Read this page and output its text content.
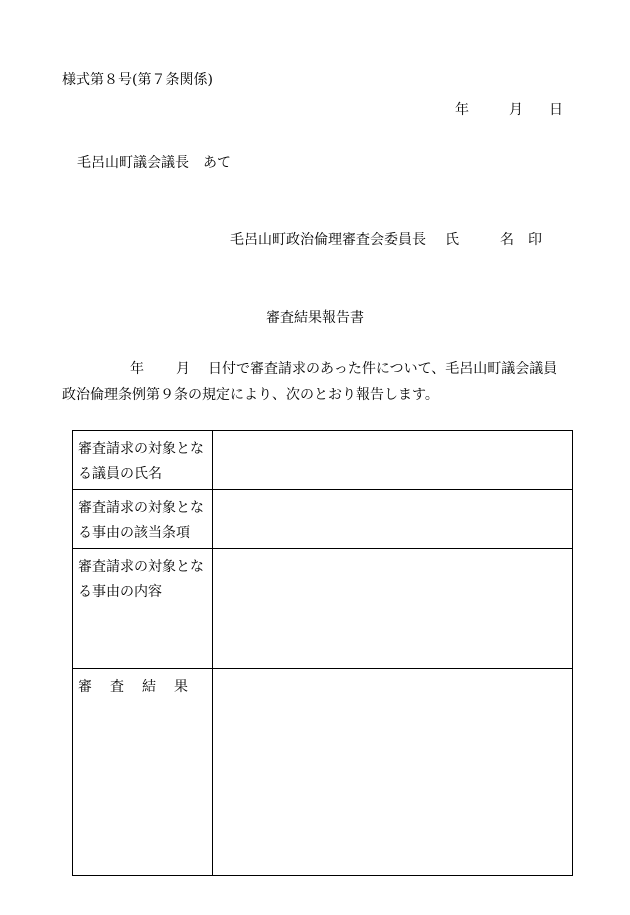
様式第８号(第７条関係)
年	月 日
毛呂山町議会議長　あて
毛呂山町政治倫理審査会委員長 氏	名 印
審査結果報告書
年 月 日付で審査請求のあった件について、毛呂山町議会議員
政治倫理条例第９条の規定により、次のとおり報告します。
審査請求の対象となる議員の氏名	

審査請求の対象となる事由の該当条項	

審査請求の対象となる事由の内容	

審 査 結 果	
